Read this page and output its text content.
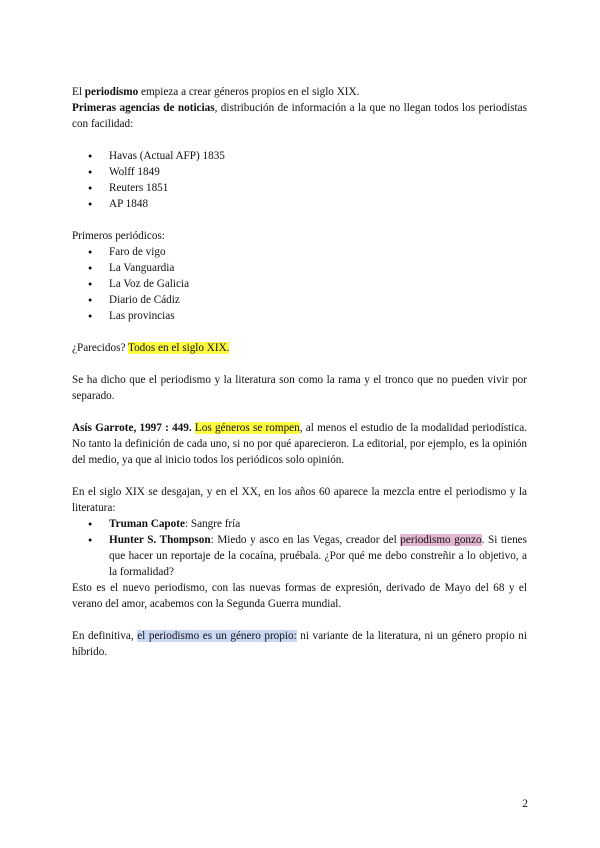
El periodismo empieza a crear géneros propios en el siglo XIX.

Primeras agencias de noticias, distribución de información a la que no llegan todos los periodistas con facilidad:

● Havas (Actual AFP) 1835
● Wolff 1849
● Reuters 1851
● AP 1848

Primeros periódicos:

● Faro de vigo
● La Vanguardia
● La Voz de Galicia
● Diario de Cádiz
● Las provincias

¿Parecidos? Todos en el siglo XIX.

Se ha dicho que el periodismo y la literatura son como la rama y el tronco que no pueden vivir por separado.

Asís Garrote, 1997 : 449. Los géneros se rompen, al menos el estudio de la modalidad periodística. No tanto la definición de cada uno, si no por qué aparecieron. La editorial, por ejemplo, es la opinión del medio, ya que al inicio todos los periódicos solo opinión.

En el siglo XIX se desgajan, y en el XX, en los años 60 aparece la mezcla entre el periodismo y la literatura:

● Truman Capote: Sangre fría
● Hunter S. Thompson: Miedo y asco en las Vegas, creador del periodismo gonzo. Si tienes que hacer un reportaje de la cocaína, pruébala. ¿Por qué me debo constreñir a lo objetivo, a la formalidad?

Esto es el nuevo periodismo, con las nuevas formas de expresión, derivado de Mayo del 68 y el verano del amor, acabemos con la Segunda Guerra mundial.

En definitiva, el periodismo es un género propio: ni variante de la literatura, ni un género propio ni híbrido.

2
